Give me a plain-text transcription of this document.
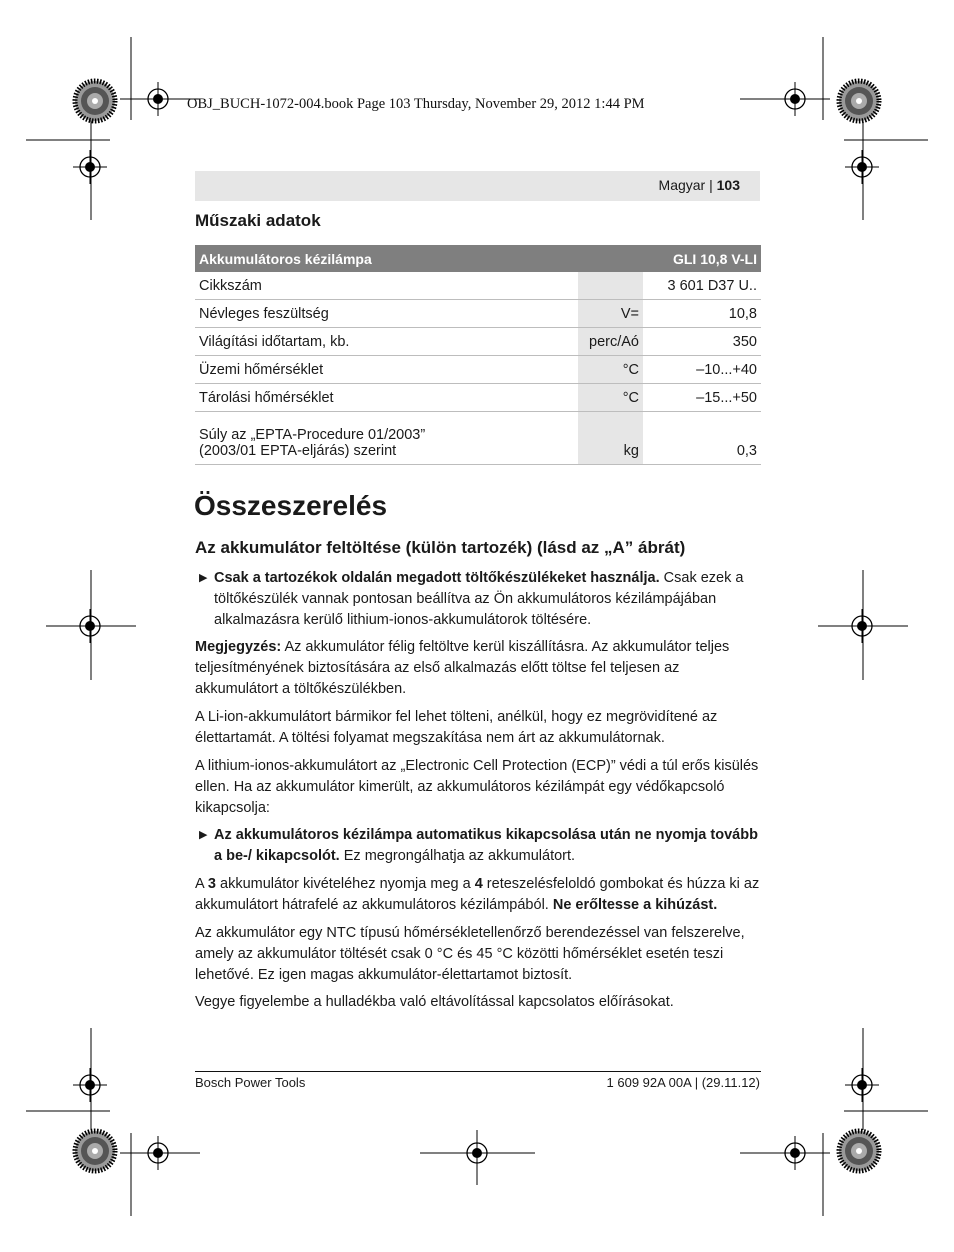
OBJ_BUCH-1072-004.book Page 103 Thursday, November 29, 2012 1:44 PM
Magyar | 103
Műszaki adatok
Akkumulátoros kézilámpa		GLI 10,8 V-LI
Cikkszám		3 601 D37 U..
Névleges feszültség	V=	10,8
Világítási időtartam, kb.	perc/Aó	350
Üzemi hőmérséklet	°C	–10...+40
Tárolási hőmérséklet	°C	–15...+50

Súly az „EPTA-Procedure 01/2003”
(2003/01 EPTA-eljárás) szerint	kg	0,3
Összeszerelés
Az akkumulátor feltöltése (külön tartozék) (lásd az „A” ábrát)
▶ Csak a tartozékok oldalán megadott töltőkészülékeket használja. Csak ezek a töltőkészülék vannak pontosan beállítva az Ön akkumulátoros kézilámpájában alkalmazásra kerülő lithium-ionos-akkumulátorok töltésére.
Megjegyzés: Az akkumulátor félig feltöltve kerül kiszállításra. Az akkumulátor teljes teljesítményének biztosítására az első alkalmazás előtt töltse fel teljesen az akkumulátort a töltőkészülékben.
A Li-ion-akkumulátort bármikor fel lehet tölteni, anélkül, hogy ez megrövidítené az élettartamát. A töltési folyamat megszakítása nem árt az akkumulátornak.
A lithium-ionos-akkumulátort az „Electronic Cell Protection (ECP)” védi a túl erős kisülés ellen. Ha az akkumulátor kimerült, az akkumulátoros kézilámpát egy védőkapcsoló kikapcsolja:
▶ Az akkumulátoros kézilámpa automatikus kikapcsolása után ne nyomja tovább a be-/ kikapcsolót. Ez megrongálhatja az akkumulátort.
A 3 akkumulátor kivételéhez nyomja meg a 4 reteszelésfeloldó gombokat és húzza ki az akkumulátort hátrafelé az akkumulátoros kézilámpából. Ne erőltesse a kihúzást.
Az akkumulátor egy NTC típusú hőmérsékletellenőrző berendezéssel van felszerelve, amely az akkumulátor töltését csak 0 °C és 45 °C közötti hőmérséklet esetén teszi lehetővé. Ez igen magas akkumulátor-élettartamot biztosít.
Vegye figyelembe a hulladékba való eltávolítással kapcsolatos előírásokat.
Bosch Power Tools	1 609 92A 00A | (29.11.12)
